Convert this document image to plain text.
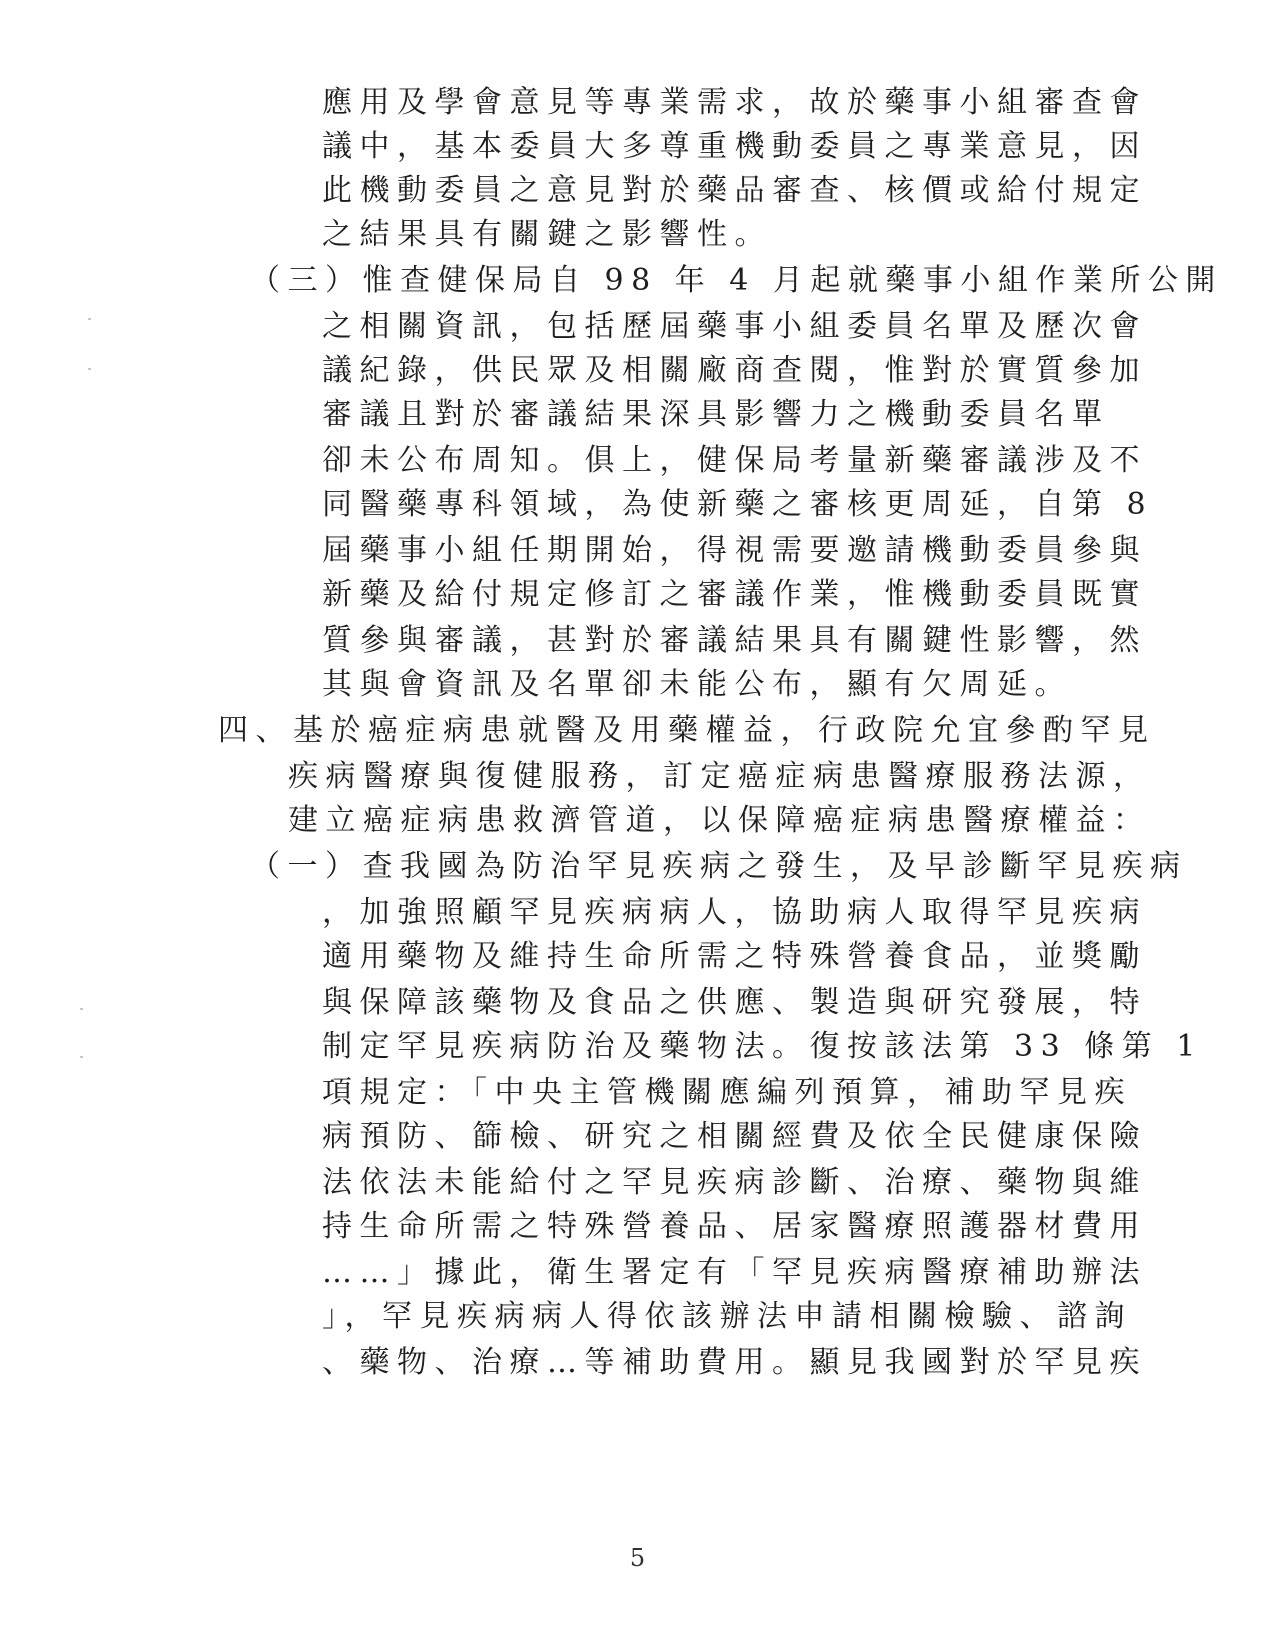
應用及學會意見等專業需求，故於藥事小組審查會
議中，基本委員大多尊重機動委員之專業意見，因
此機動委員之意見對於藥品審查、核價或給付規定
之結果具有關鍵之影響性。
（三）惟查健保局自 98 年 4 月起就藥事小組作業所公開
之相關資訊，包括歷屆藥事小組委員名單及歷次會
議紀錄，供民眾及相關廠商查閱，惟對於實質參加
審議且對於審議結果深具影響力之機動委員名單
卻未公布周知。俱上，健保局考量新藥審議涉及不
同醫藥專科領域，為使新藥之審核更周延，自第 8
屆藥事小組任期開始，得視需要邀請機動委員參與
新藥及給付規定修訂之審議作業，惟機動委員既實
質參與審議，甚對於審議結果具有關鍵性影響，然
其與會資訊及名單卻未能公布，顯有欠周延。
四、基於癌症病患就醫及用藥權益，行政院允宜參酌罕見
疾病醫療與復健服務，訂定癌症病患醫療服務法源，
建立癌症病患救濟管道，以保障癌症病患醫療權益：
（一）查我國為防治罕見疾病之發生，及早診斷罕見疾病
，加強照顧罕見疾病病人，協助病人取得罕見疾病
適用藥物及維持生命所需之特殊營養食品，並獎勵
與保障該藥物及食品之供應、製造與研究發展，特
制定罕見疾病防治及藥物法。復按該法第 33 條第 1
項規定：「中央主管機關應編列預算，補助罕見疾
病預防、篩檢、研究之相關經費及依全民健康保險
法依法未能給付之罕見疾病診斷、治療、藥物與維
持生命所需之特殊營養品、居家醫療照護器材費用
……」據此，衛生署定有「罕見疾病醫療補助辦法
」，罕見疾病病人得依該辦法申請相關檢驗、諮詢
、藥物、治療…等補助費用。顯見我國對於罕見疾
5
